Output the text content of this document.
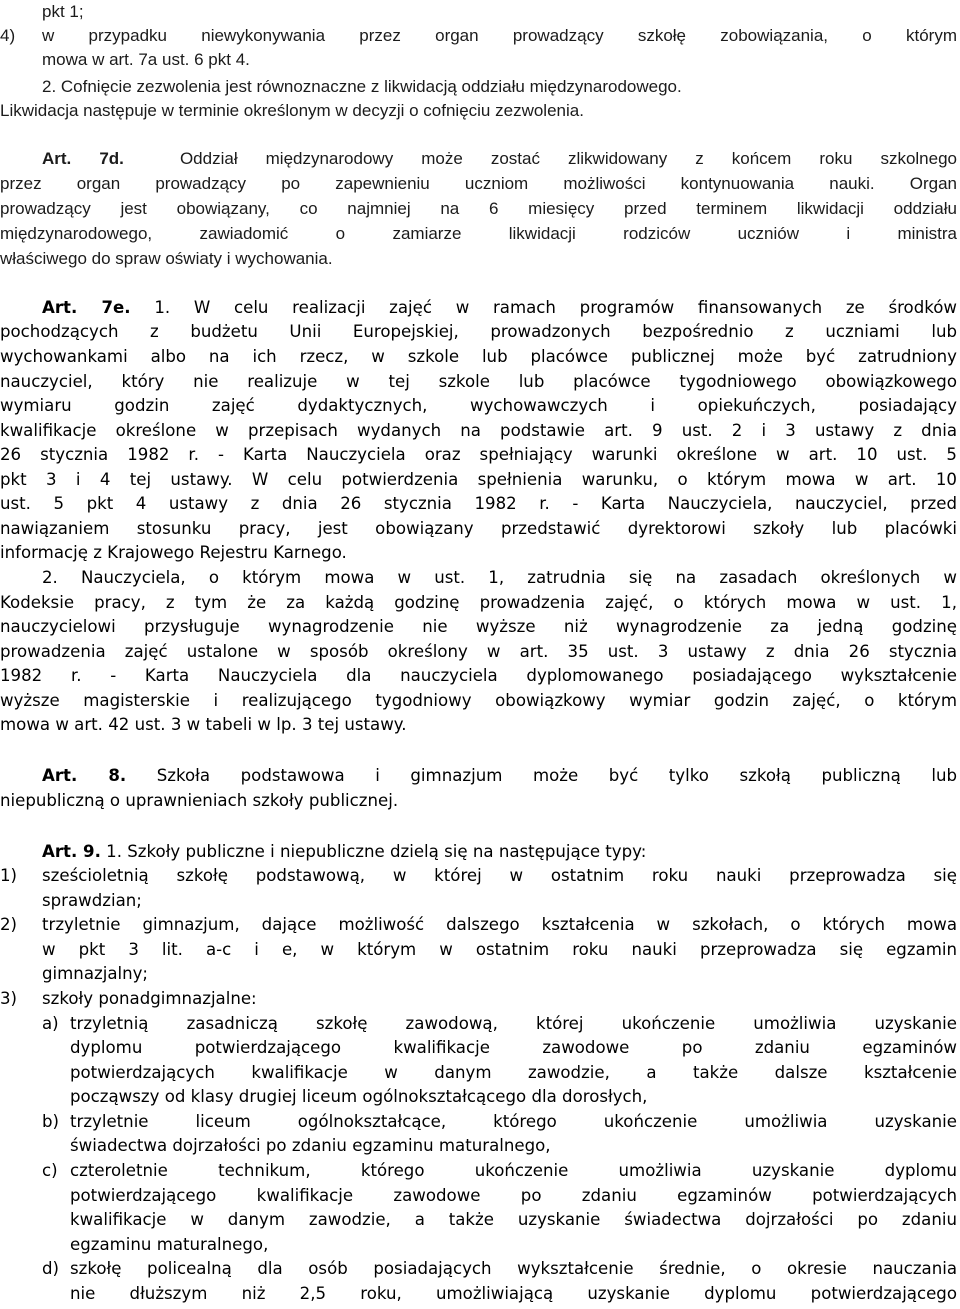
pkt 1;
4)	w przypadku niewykonywania przez organ prowadzący szkołę zobowiązania, o którym
mowa w art. 7a ust. 6 pkt 4.
2. Cofnięcie zezwolenia jest równoznaczne z likwidacją oddziału międzynarodowego.
Likwidacja następuje w terminie określonym w decyzji o cofnięciu zezwolenia.
Art. 7d.	Oddział międzynarodowy może zostać zlikwidowany z końcem roku szkolnego
przez organ prowadzący po zapewnieniu uczniom możliwości kontynuowania nauki. Organ
prowadzący jest obowiązany, co najmniej na 6 miesięcy przed terminem likwidacji oddziału
międzynarodowego, zawiadomić o zamiarze likwidacji rodziców uczniów i ministra
właściwego do spraw oświaty i wychowania.
Art. 7e. 1. W celu realizacji zajęć w ramach programów finansowanych ze środków
pochodzących z budżetu Unii Europejskiej, prowadzonych bezpośrednio z uczniami lub
wychowankami albo na ich rzecz, w szkole lub placówce publicznej może być zatrudniony
nauczyciel, który nie realizuje w tej szkole lub placówce tygodniowego obowiązkowego
wymiaru godzin zajęć dydaktycznych, wychowawczych i opiekuńczych, posiadający
kwalifikacje określone w przepisach wydanych na podstawie art. 9 ust. 2 i 3 ustawy z dnia
26 stycznia 1982 r. - Karta Nauczyciela oraz spełniający warunki określone w art. 10 ust. 5
pkt 3 i 4 tej ustawy. W celu potwierdzenia spełnienia warunku, o którym mowa w art. 10
ust. 5 pkt 4 ustawy z dnia 26 stycznia 1982 r. - Karta Nauczyciela, nauczyciel, przed
nawiązaniem stosunku pracy, jest obowiązany przedstawić dyrektorowi szkoły lub placówki
informację z Krajowego Rejestru Karnego.
2. Nauczyciela, o którym mowa w ust. 1, zatrudnia się na zasadach określonych w
Kodeksie pracy, z tym że za każdą godzinę prowadzenia zajęć, o których mowa w ust. 1,
nauczycielowi przysługuje wynagrodzenie nie wyższe niż wynagrodzenie za jedną godzinę
prowadzenia zajęć ustalone w sposób określony w art. 35 ust. 3 ustawy z dnia 26 stycznia
1982 r. - Karta Nauczyciela dla nauczyciela dyplomowanego posiadającego wykształcenie
wyższe magisterskie i realizującego tygodniowy obowiązkowy wymiar godzin zajęć, o którym
mowa w art. 42 ust. 3 w tabeli w lp. 3 tej ustawy.
Art. 8. Szkoła podstawowa i gimnazjum może być tylko szkołą publiczną lub
niepubliczną o uprawnieniach szkoły publicznej.
Art. 9. 1. Szkoły publiczne i niepubliczne dzielą się na następujące typy:
1)	sześcioletnią szkołę podstawową, w której w ostatnim roku nauki przeprowadza się
sprawdzian;
2)	trzyletnie gimnazjum, dające możliwość dalszego kształcenia w szkołach, o których mowa
w pkt 3 lit. a-c i e, w którym w ostatnim roku nauki przeprowadza się egzamin
gimnazjalny;
3)	szkoły ponadgimnazjalne:
a) trzyletnią zasadniczą szkołę zawodową, której ukończenie umożliwia uzyskanie
dyplomu potwierdzającego kwalifikacje zawodowe po zdaniu egzaminów
potwierdzających kwalifikacje w danym zawodzie, a także dalsze kształcenie
począwszy od klasy drugiej liceum ogólnokształcącego dla dorosłych,
b) trzyletnie liceum ogólnokształcące, którego ukończenie umożliwia uzyskanie
świadectwa dojrzałości po zdaniu egzaminu maturalnego,
c) czteroletnie technikum, którego ukończenie umożliwia uzyskanie dyplomu
potwierdzającego kwalifikacje zawodowe po zdaniu egzaminów potwierdzających
kwalifikacje w danym zawodzie, a także uzyskanie świadectwa dojrzałości po zdaniu
egzaminu maturalnego,
d) szkołę policealną dla osób posiadających wykształcenie średnie, o okresie nauczania
nie dłuższym niż 2,5 roku, umożliwiającą uzyskanie dyplomu potwierdzającego
